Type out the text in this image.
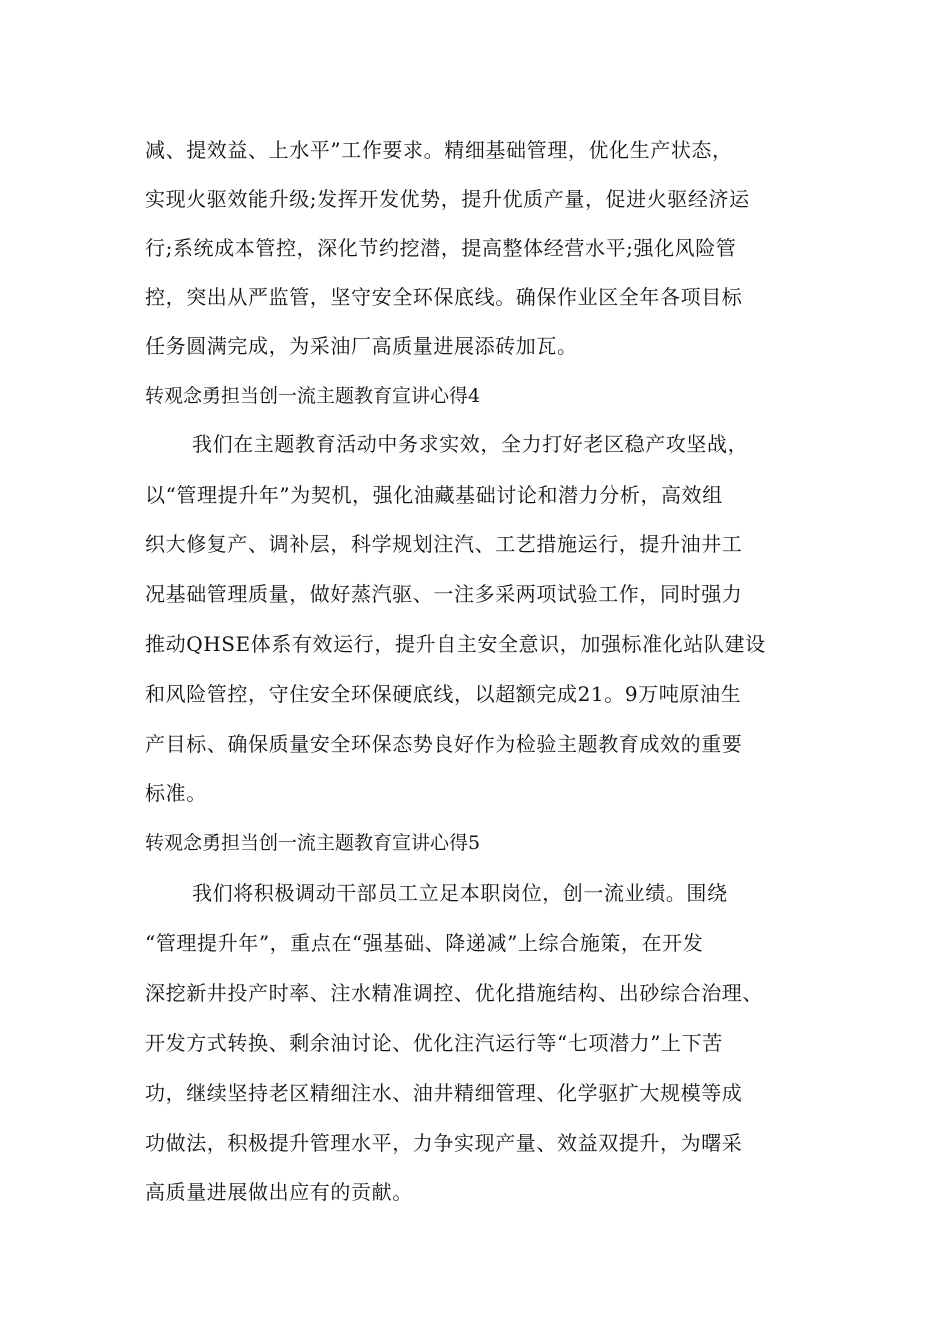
减、提效益、上水平”工作要求。精细基础管理，优化生产状态，
实现火驱效能升级;发挥开发优势，提升优质产量，促进火驱经济运
行;系统成本管控，深化节约挖潜，提高整体经营水平;强化风险管
控，突出从严监管，坚守安全环保底线。确保作业区全年各项目标
任务圆满完成，为采油厂高质量进展添砖加瓦。
转观念勇担当创一流主题教育宣讲心得4
我们在主题教育活动中务求实效，全力打好老区稳产攻坚战，
以“管理提升年”为契机，强化油藏基础讨论和潜力分析，高效组
织大修复产、调补层，科学规划注汽、工艺措施运行，提升油井工
况基础管理质量，做好蒸汽驱、一注多采两项试验工作，同时强力
推动QHSE体系有效运行，提升自主安全意识，加强标准化站队建设
和风险管控，守住安全环保硬底线，以超额完成21。9万吨原油生
产目标、确保质量安全环保态势良好作为检验主题教育成效的重要
标准。
转观念勇担当创一流主题教育宣讲心得5
我们将积极调动干部员工立足本职岗位，创一流业绩。围绕
“管理提升年”，重点在“强基础、降递减”上综合施策，在开发
深挖新井投产时率、注水精准调控、优化措施结构、出砂综合治理、
开发方式转换、剩余油讨论、优化注汽运行等“七项潜力”上下苦
功，继续坚持老区精细注水、油井精细管理、化学驱扩大规模等成
功做法，积极提升管理水平，力争实现产量、效益双提升，为曙采
高质量进展做出应有的贡献。
